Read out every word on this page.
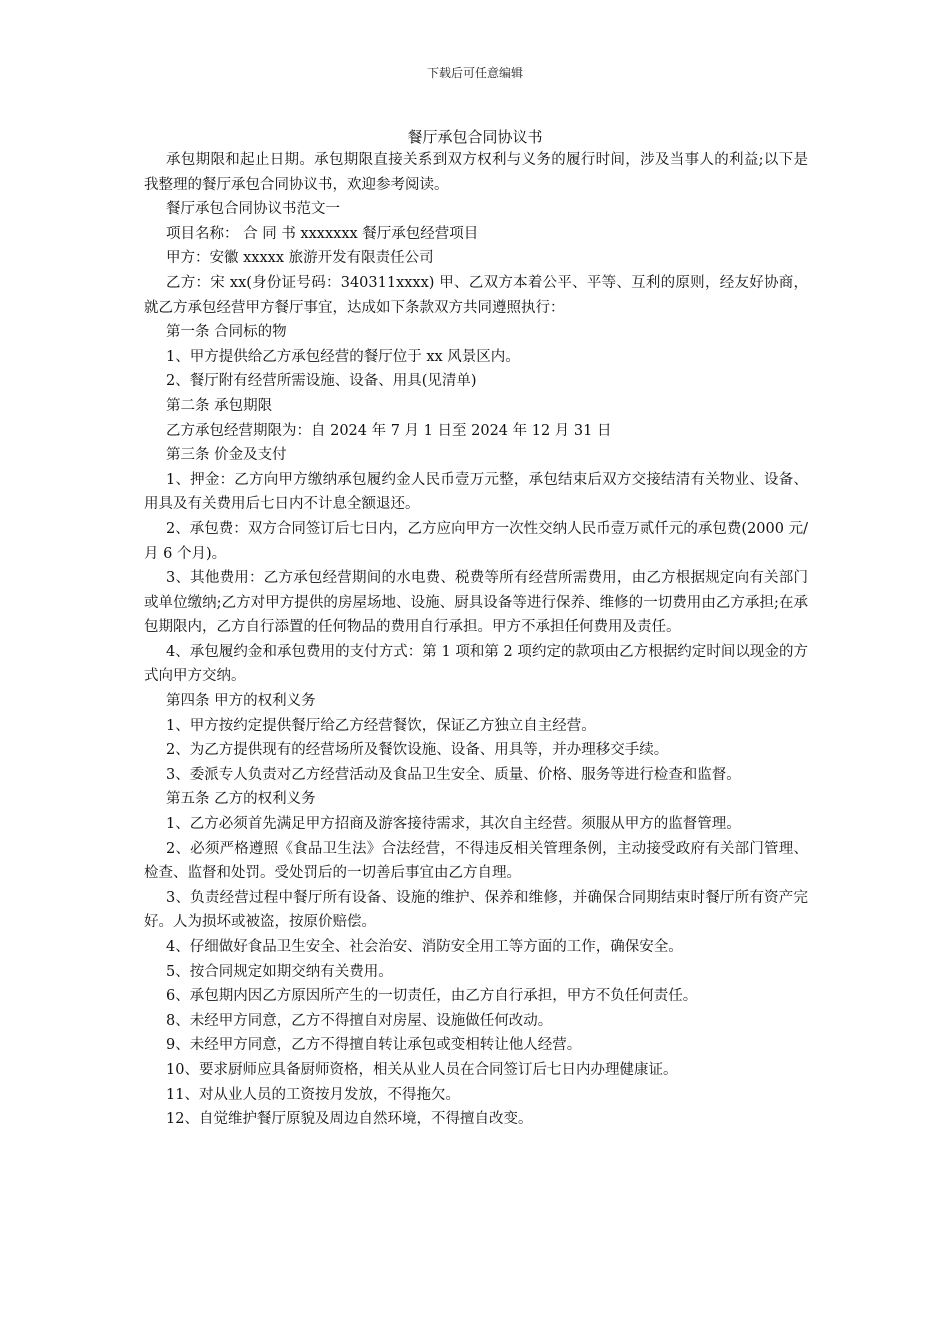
下载后可任意编辑
餐厅承包合同协议书

承包期限和起止日期。承包期限直接关系到双方权利与义务的履行时间，涉及当事人的利益;以下是我整理的餐厅承包合同协议书，欢迎参考阅读。

餐厅承包合同协议书范文一

项目名称： 合 同 书 xxxxxxx 餐厅承包经营项目

甲方：安徽 xxxxx 旅游开发有限责任公司

乙方：宋 xx(身份证号码：340311xxxx) 甲、乙双方本着公平、平等、互利的原则，经友好协商，就乙方承包经营甲方餐厅事宜，达成如下条款双方共同遵照执行：

第一条 合同标的物

1、甲方提供给乙方承包经营的餐厅位于 xx 风景区内。

2、餐厅附有经营所需设施、设备、用具(见清单)

第二条 承包期限

乙方承包经营期限为：自 2024 年 7 月 1 日至 2024 年 12 月 31 日

第三条 价金及支付

1、押金：乙方向甲方缴纳承包履约金人民币壹万元整，承包结束后双方交接结清有关物业、设备、用具及有关费用后七日内不计息全额退还。

2、承包费：双方合同签订后七日内，乙方应向甲方一次性交纳人民币壹万贰仟元的承包费(2000 元/月 6 个月)。

3、其他费用：乙方承包经营期间的水电费、税费等所有经营所需费用，由乙方根据规定向有关部门或单位缴纳;乙方对甲方提供的房屋场地、设施、厨具设备等进行保养、维修的一切费用由乙方承担;在承包期限内，乙方自行添置的任何物品的费用自行承担。甲方不承担任何费用及责任。

4、承包履约金和承包费用的支付方式：第 1 项和第 2 项约定的款项由乙方根据约定时间以现金的方式向甲方交纳。

第四条 甲方的权利义务

1、甲方按约定提供餐厅给乙方经营餐饮，保证乙方独立自主经营。

2、为乙方提供现有的经营场所及餐饮设施、设备、用具等，并办理移交手续。

3、委派专人负责对乙方经营活动及食品卫生安全、质量、价格、服务等进行检查和监督。

第五条 乙方的权利义务

1、乙方必须首先满足甲方招商及游客接待需求，其次自主经营。须服从甲方的监督管理。

2、必须严格遵照《食品卫生法》合法经营，不得违反相关管理条例，主动接受政府有关部门管理、检查、监督和处罚。受处罚后的一切善后事宜由乙方自理。

3、负责经营过程中餐厅所有设备、设施的维护、保养和维修，并确保合同期结束时餐厅所有资产完好。人为损坏或被盗，按原价赔偿。

4、仔细做好食品卫生安全、社会治安、消防安全用工等方面的工作，确保安全。

5、按合同规定如期交纳有关费用。

6、承包期内因乙方原因所产生的一切责任，由乙方自行承担，甲方不负任何责任。

8、未经甲方同意，乙方不得擅自对房屋、设施做任何改动。

9、未经甲方同意，乙方不得擅自转让承包或变相转让他人经营。

10、要求厨师应具备厨师资格，相关从业人员在合同签订后七日内办理健康证。

11、对从业人员的工资按月发放，不得拖欠。

12、自觉维护餐厅原貌及周边自然环境，不得擅自改变。
